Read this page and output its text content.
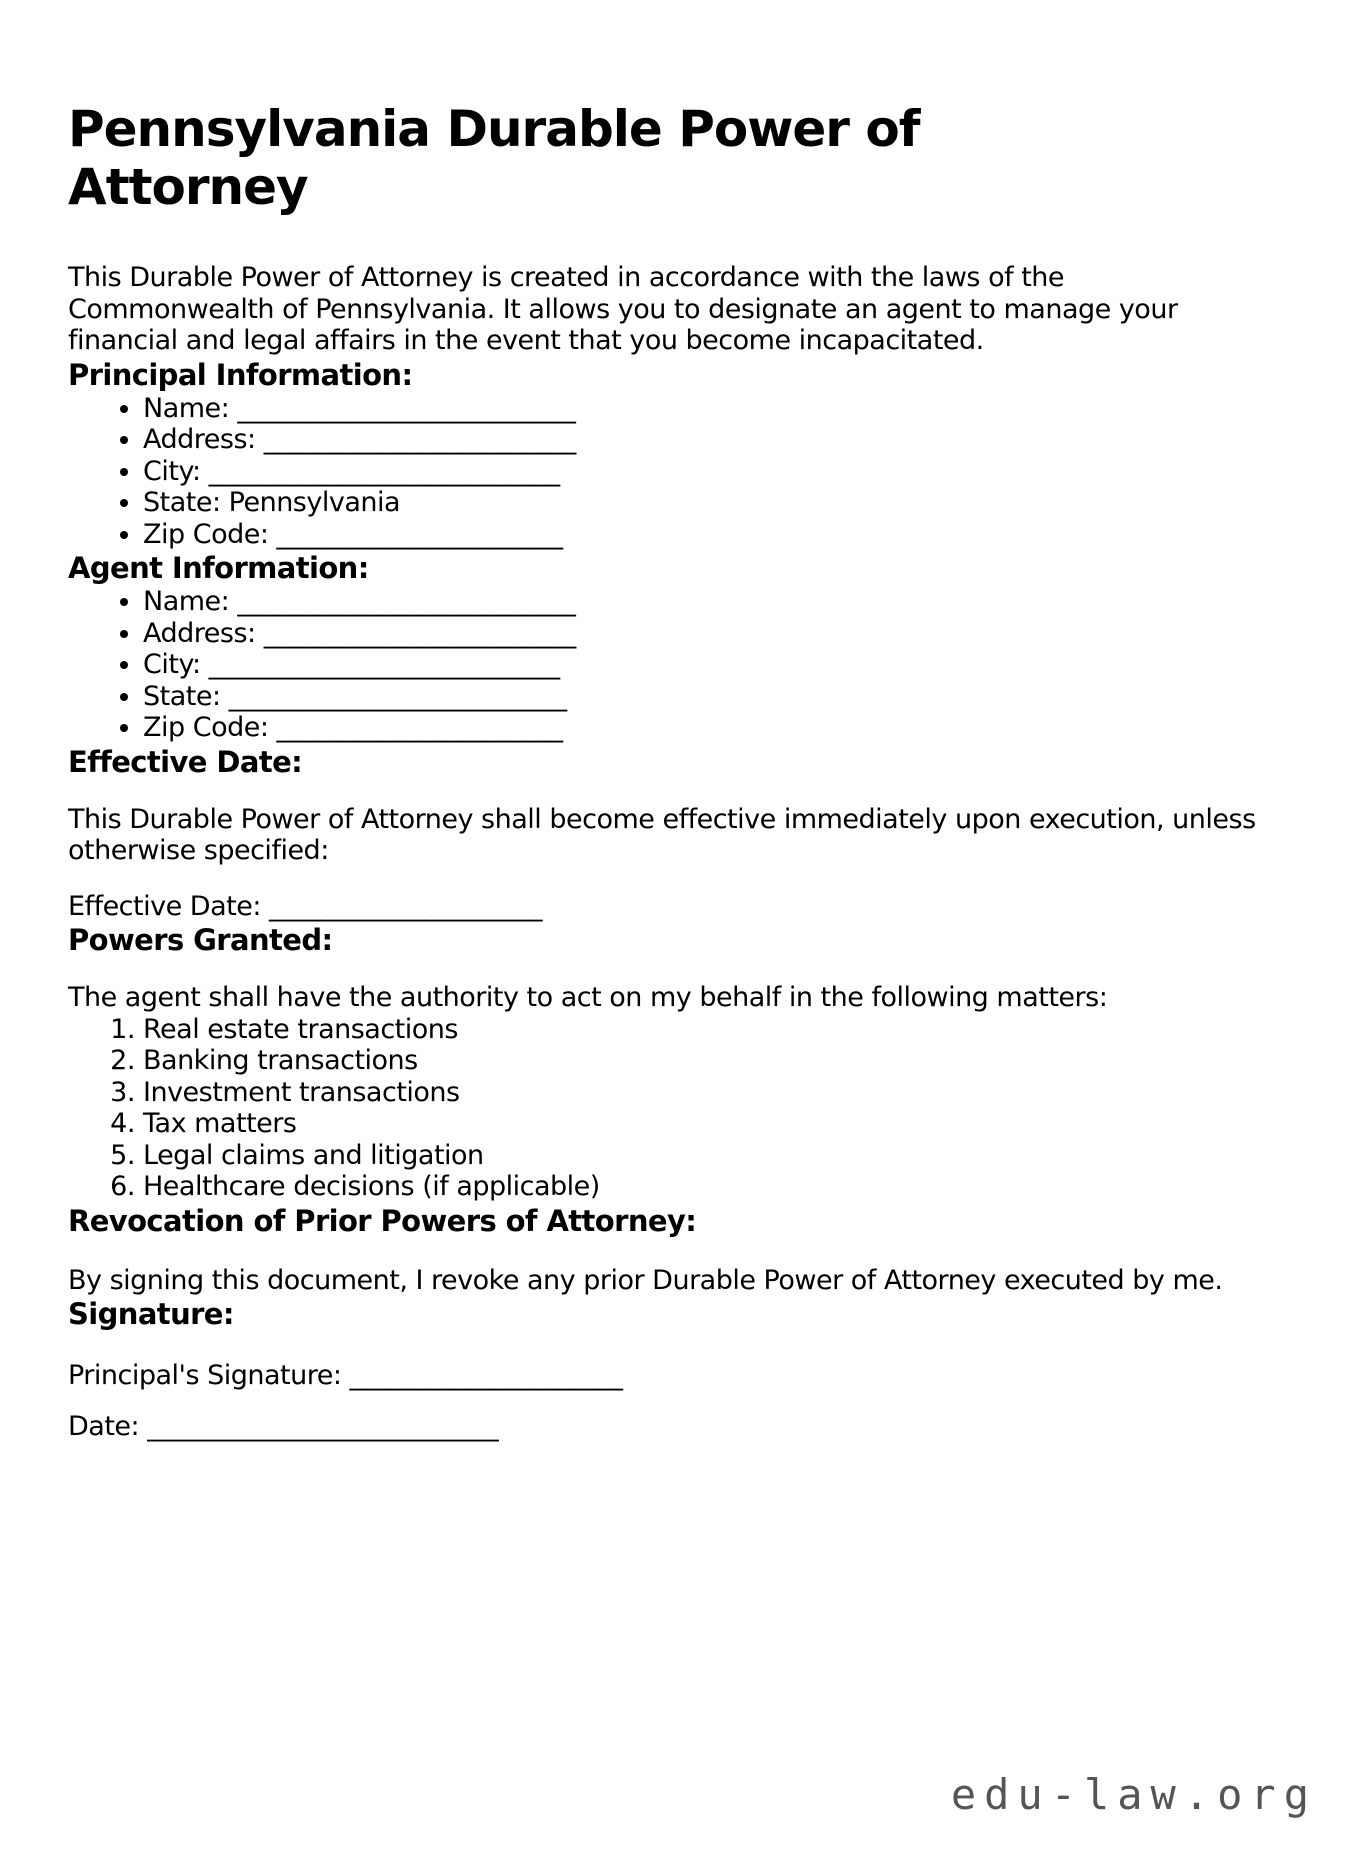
Pennsylvania Durable Power of
Attorney

This Durable Power of Attorney is created in accordance with the laws of the
Commonwealth of Pennsylvania. It allows you to designate an agent to manage your
financial and legal affairs in the event that you become incapacitated.

Principal Information:
• Name: __________________________
• Address: ________________________
• City: ___________________________
• State: Pennsylvania
• Zip Code: ______________________
Agent Information:
• Name: __________________________
• Address: ________________________
• City: ___________________________
• State: __________________________
• Zip Code: ______________________
Effective Date:

This Durable Power of Attorney shall become effective immediately upon execution, unless
otherwise specified:

Effective Date: _____________________

Powers Granted:

The agent shall have the authority to act on my behalf in the following matters:

1. Real estate transactions
2. Banking transactions
3. Investment transactions
4. Tax matters
5. Legal claims and litigation
6. Healthcare decisions (if applicable)
Revocation of Prior Powers of Attorney:

By signing this document, I revoke any prior Durable Power of Attorney executed by me.

Signature:

Principal's Signature: _____________________

Date: ___________________________

edu-law.org
